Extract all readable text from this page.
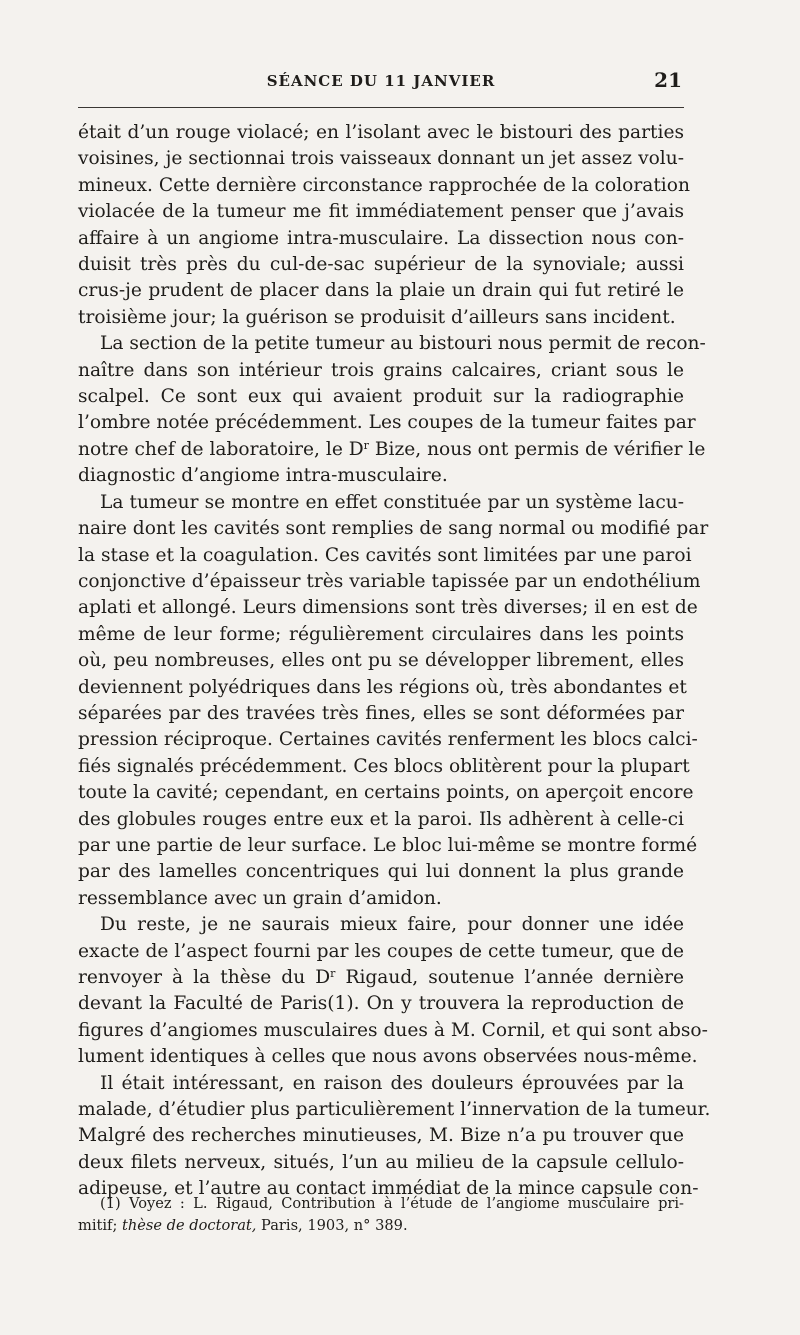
SÉANCE DU 11 JANVIER	21
était d’un rouge violacé; en l’isolant avec le bistouri des parties
voisines, je sectionnai trois vaisseaux donnant un jet assez volu-
mineux. Cette dernière circonstance rapprochée de la coloration
violacée de la tumeur me fit immédiatement penser que j’avais
affaire à un angiome intra-musculaire. La dissection nous con-
duisit très près du cul-de-sac supérieur de la synoviale; aussi
crus-je prudent de placer dans la plaie un drain qui fut retiré le
troisième jour; la guérison se produisit d’ailleurs sans incident.
La section de la petite tumeur au bistouri nous permit de recon-
naître dans son intérieur trois grains calcaires, criant sous le
scalpel. Ce sont eux qui avaient produit sur la radiographie
l’ombre notée précédemment. Les coupes de la tumeur faites par
notre chef de laboratoire, le $D^r$ Bize, nous ont permis de vérifier le
diagnostic d’angiome intra-musculaire.
La tumeur se montre en effet constituée par un système lacu-
naire dont les cavités sont remplies de sang normal ou modifié par
la stase et la coagulation. Ces cavités sont limitées par une paroi
conjonctive d’épaisseur très variable tapissée par un endothélium
aplati et allongé. Leurs dimensions sont très diverses; il en est de
même de leur forme; régulièrement circulaires dans les points
où, peu nombreuses, elles ont pu se développer librement, elles
deviennent polyédriques dans les régions où, très abondantes et
séparées par des travées très fines, elles se sont déformées par
pression réciproque. Certaines cavités renferment les blocs calci-
fiés signalés précédemment. Ces blocs oblitèrent pour la plupart
toute la cavité; cependant, en certains points, on aperçoit encore
des globules rouges entre eux et la paroi. Ils adhèrent à celle-ci
par une partie de leur surface. Le bloc lui-même se montre formé
par des lamelles concentriques qui lui donnent la plus grande
ressemblance avec un grain d’amidon.
Du reste, je ne saurais mieux faire, pour donner une idée
exacte de l’aspect fourni par les coupes de cette tumeur, que de
renvoyer à la thèse du $D^r$ Rigaud, soutenue l’année dernière
devant la Faculté de Paris(1). On y trouvera la reproduction de
figures d’angiomes musculaires dues à M. Cornil, et qui sont abso-
lument identiques à celles que nous avons observées nous-même.
Il était intéressant, en raison des douleurs éprouvées par la
malade, d’étudier plus particulièrement l’innervation de la tumeur.
Malgré des recherches minutieuses, M. Bize n’a pu trouver que
deux filets nerveux, situés, l’un au milieu de la capsule cellulo-
adipeuse, et l’autre au contact immédiat de la mince capsule con-
(1) Voyez : L. Rigaud, Contribution à l’étude de l’angiome musculaire pri-
mitif; thèse de doctorat, Paris, 1903, n° 389.
